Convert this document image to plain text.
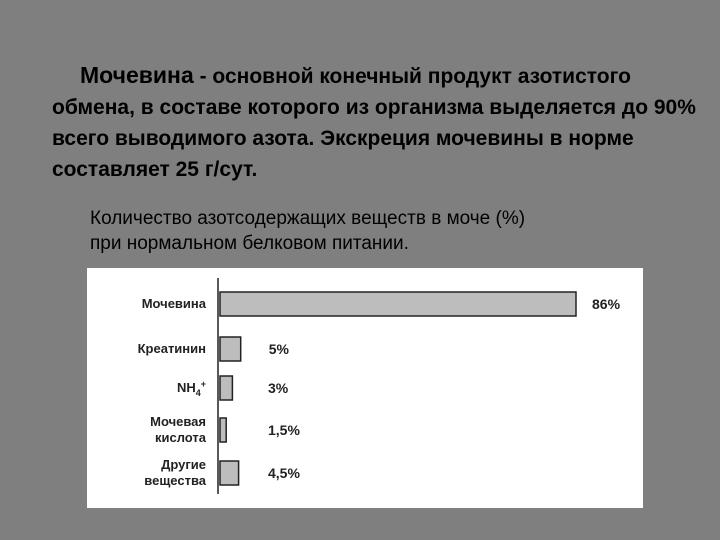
Мочевина - основной конечный продукт азотистого обмена, в составе которого из организма выделяется до 90% всего выводимого азота. Экскреция мочевины в норме составляет 25 г/сут.
Количество азотсодержащих веществ в моче (%)
при нормальном белковом питании.
Мочевина	86%
Креатинин	5%
$NH_4^+$	3%
Мочевая
кислота	1,5%
Другие
вещества	4,5%
